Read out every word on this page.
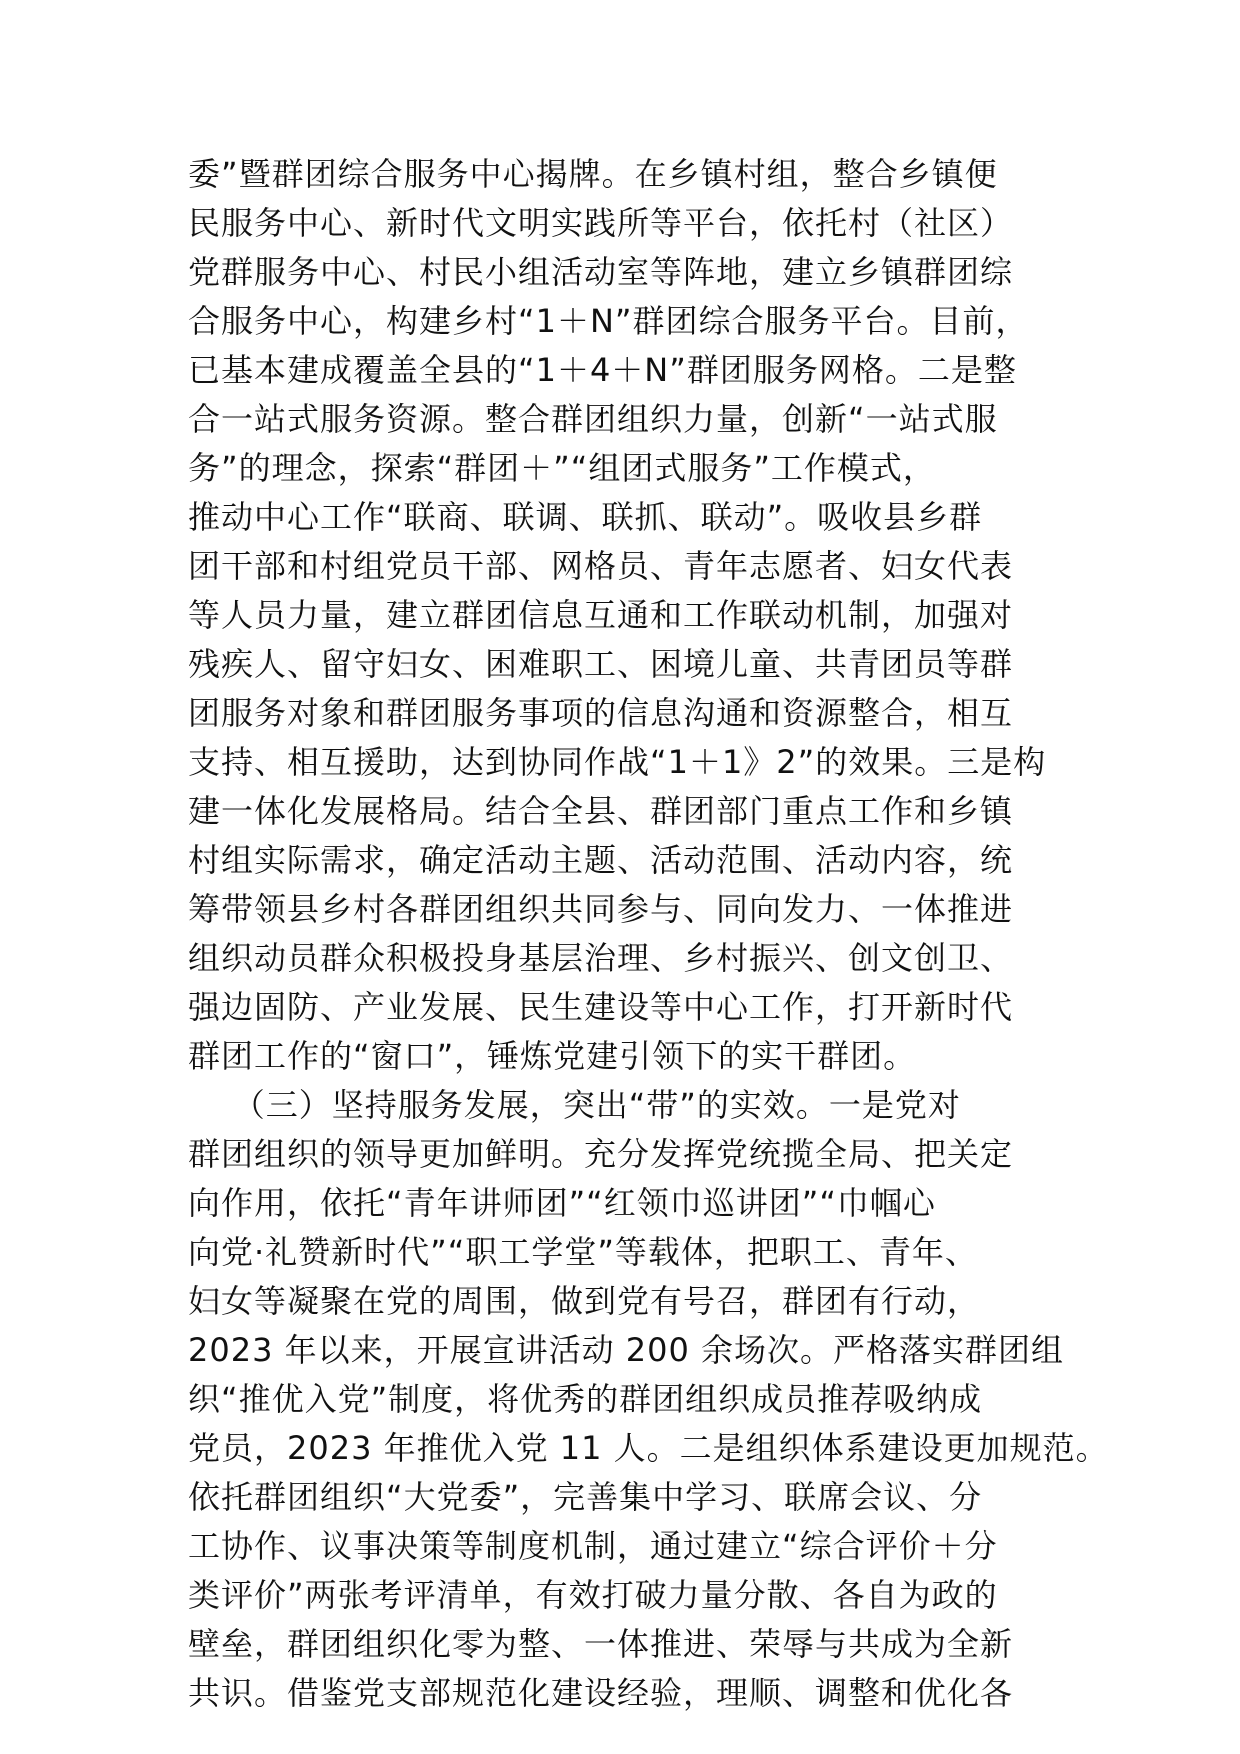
委”暨群团综合服务中心揭牌。在乡镇村组，整合乡镇便
民服务中心、新时代文明实践所等平台，依托村（社区）
党群服务中心、村民小组活动室等阵地，建立乡镇群团综
合服务中心，构建乡村“1＋N”群团综合服务平台。目前，
已基本建成覆盖全县的“1＋4＋N”群团服务网格。二是整
合一站式服务资源。整合群团组织力量，创新“一站式服
务”的理念，探索“群团＋”“组团式服务”工作模式，
推动中心工作“联商、联调、联抓、联动”。吸收县乡群
团干部和村组党员干部、网格员、青年志愿者、妇女代表
等人员力量，建立群团信息互通和工作联动机制，加强对
残疾人、留守妇女、困难职工、困境儿童、共青团员等群
团服务对象和群团服务事项的信息沟通和资源整合，相互
支持、相互援助，达到协同作战“1＋1》2”的效果。三是构
建一体化发展格局。结合全县、群团部门重点工作和乡镇
村组实际需求，确定活动主题、活动范围、活动内容，统
筹带领县乡村各群团组织共同参与、同向发力、一体推进
组织动员群众积极投身基层治理、乡村振兴、创文创卫、
强边固防、产业发展、民生建设等中心工作，打开新时代
群团工作的“窗口”，锤炼党建引领下的实干群团。
（三）坚持服务发展，突出“带”的实效。一是党对
群团组织的领导更加鲜明。充分发挥党统揽全局、把关定
向作用，依托“青年讲师团”“红领巾巡讲团”“巾帼心
向党·礼赞新时代”“职工学堂”等载体，把职工、青年、
妇女等凝聚在党的周围，做到党有号召，群团有行动，
2023 年以来，开展宣讲活动 200 余场次。严格落实群团组
织“推优入党”制度，将优秀的群团组织成员推荐吸纳成
党员，2023 年推优入党 11 人。二是组织体系建设更加规范。
依托群团组织“大党委”，完善集中学习、联席会议、分
工协作、议事决策等制度机制，通过建立“综合评价＋分
类评价”两张考评清单，有效打破力量分散、各自为政的
壁垒，群团组织化零为整、一体推进、荣辱与共成为全新
共识。借鉴党支部规范化建设经验，理顺、调整和优化各
